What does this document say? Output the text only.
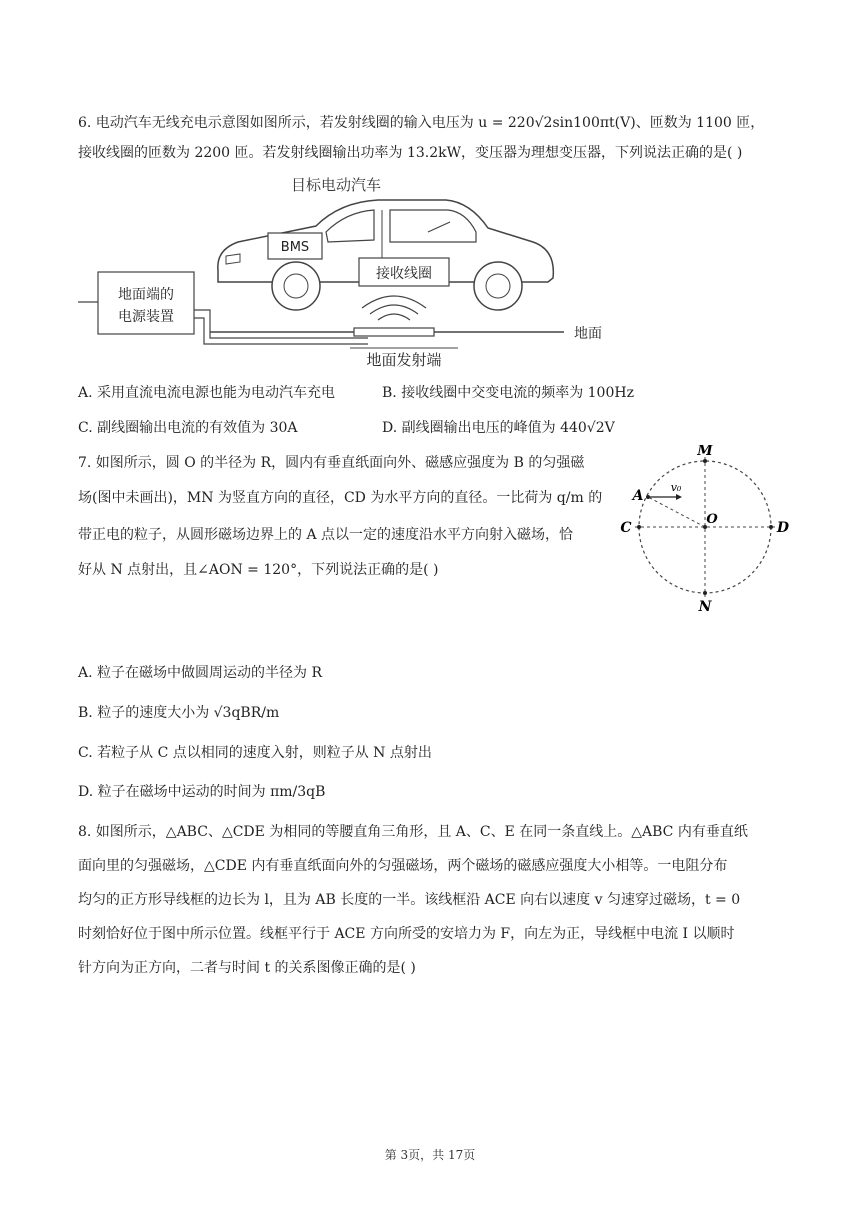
6. 电动汽车无线充电示意图如图所示，若发射线圈的输入电压为 u = 220√2sin100πt(V)、匝数为 1100 匝，
接收线圈的匝数为 2200 匝。若发射线圈输出功率为 13.2kW，变压器为理想变压器，下列说法正确的是( )
目标电动汽车
BMS
接收线圈
地面端的
电源装置
地面
地面发射端
A. 采用直流电流电源也能为电动汽车充电	B. 接收线圈中交变电流的频率为 100Hz
C. 副线圈输出电流的有效值为 30A	D. 副线圈输出电压的峰值为 440√2V
7. 如图所示，圆 O 的半径为 R，圆内有垂直纸面向外、磁感应强度为 B 的匀强磁
场(图中未画出)，MN 为竖直方向的直径，CD 为水平方向的直径。一比荷为 q/m 的
带正电的粒子，从圆形磁场边界上的 A 点以一定的速度沿水平方向射入磁场，恰
好从 N 点射出，且∠AON = 120°，下列说法正确的是( )
M
N
C	D
O
A
v₀
A. 粒子在磁场中做圆周运动的半径为 R
B. 粒子的速度大小为 √3qBR/m
C. 若粒子从 C 点以相同的速度入射，则粒子从 N 点射出
D. 粒子在磁场中运动的时间为 πm/3qB
8. 如图所示，△ABC、△CDE 为相同的等腰直角三角形，且 A、C、E 在同一条直线上。△ABC 内有垂直纸
面向里的匀强磁场，△CDE 内有垂直纸面向外的匀强磁场，两个磁场的磁感应强度大小相等。一电阻分布
均匀的正方形导线框的边长为 l，且为 AB 长度的一半。该线框沿 ACE 向右以速度 v 匀速穿过磁场，t = 0
时刻恰好位于图中所示位置。线框平行于 ACE 方向所受的安培力为 F，向左为正，导线框中电流 I 以顺时
针方向为正方向，二者与时间 t 的关系图像正确的是( )
第 3页，共 17页
